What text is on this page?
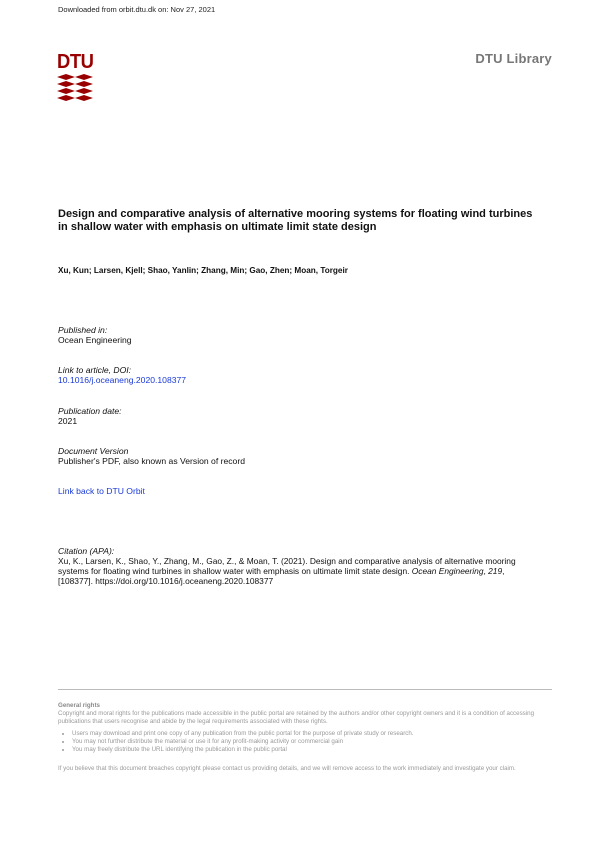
Downloaded from orbit.dtu.dk on: Nov 27, 2021
DTU	DTU Library
Design and comparative analysis of alternative mooring systems for floating wind turbines in shallow water with emphasis on ultimate limit state design
Xu, Kun; Larsen, Kjell; Shao, Yanlin; Zhang, Min; Gao, Zhen; Moan, Torgeir
Published in:
Ocean Engineering
Link to article, DOI:
10.1016/j.oceaneng.2020.108377
Publication date:
2021
Document Version
Publisher's PDF, also known as Version of record
Link back to DTU Orbit
Citation (APA):
Xu, K., Larsen, K., Shao, Y., Zhang, M., Gao, Z., & Moan, T. (2021). Design and comparative analysis of alternative mooring systems for floating wind turbines in shallow water with emphasis on ultimate limit state design. Ocean Engineering, 219, [108377]. https://doi.org/10.1016/j.oceaneng.2020.108377
General rights
Copyright and moral rights for the publications made accessible in the public portal are retained by the authors and/or other copyright owners and it is a condition of accessing publications that users recognise and abide by the legal requirements associated with these rights.
• Users may download and print one copy of any publication from the public portal for the purpose of private study or research.
• You may not further distribute the material or use it for any profit-making activity or commercial gain
• You may freely distribute the URL identifying the publication in the public portal
If you believe that this document breaches copyright please contact us providing details, and we will remove access to the work immediately and investigate your claim.
